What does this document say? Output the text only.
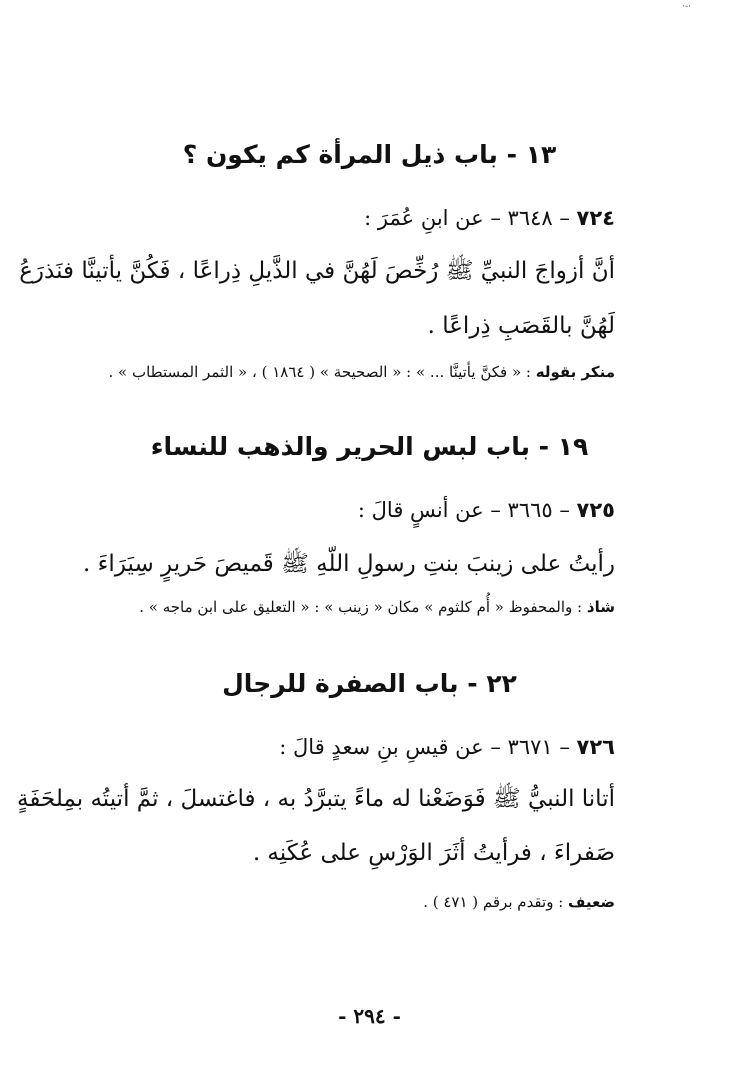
·-·
١٣ - باب ذيل المرأة كم يكون ؟
٧٢٤ – ٣٦٤٨ – عن ابنِ عُمَرَ :
أنَّ أزواجَ النبيِّ ﷺ رُخِّصَ لَهُنَّ في الذَّيلِ ذِراعًا ، فَكُنَّ يأتينَّا فنَذرَعُ
لَهُنَّ بالقَصَبِ ذِراعًا .
منكر بقوله : « فكنَّ يأتينَّا ... » : « الصحيحة » ( ١٨٦٤ ) ، « الثمر المستطاب » .
١٩ - باب لبس الحرير والذهب للنساء
٧٢٥ – ٣٦٦٥ – عن أنسٍ قالَ :
رأيتُ على زينبَ بنتِ رسولِ اللّهِ ﷺ قَميصَ حَريرٍ سِيَرَاءَ .
شاذ : والمحفوظ « أُم كلثوم » مكان « زينب » : « التعليق على ابن ماجه » .
٢٢ - باب الصفرة للرجال
٧٢٦ – ٣٦٧١ – عن قيسِ بنِ سعدٍ قالَ :
أتانا النبيُّ ﷺ فَوَضَعْنا له ماءً يتبرَّدُ به ، فاغتسلَ ، ثمَّ أتيتُه بمِلحَفَةٍ
صَفراءَ ، فرأيتُ أثَرَ الوَرْسِ على عُكَنِه .
ضعيف : وتقدم برقم ( ٤٧١ ) .
- ٢٩٤ -
